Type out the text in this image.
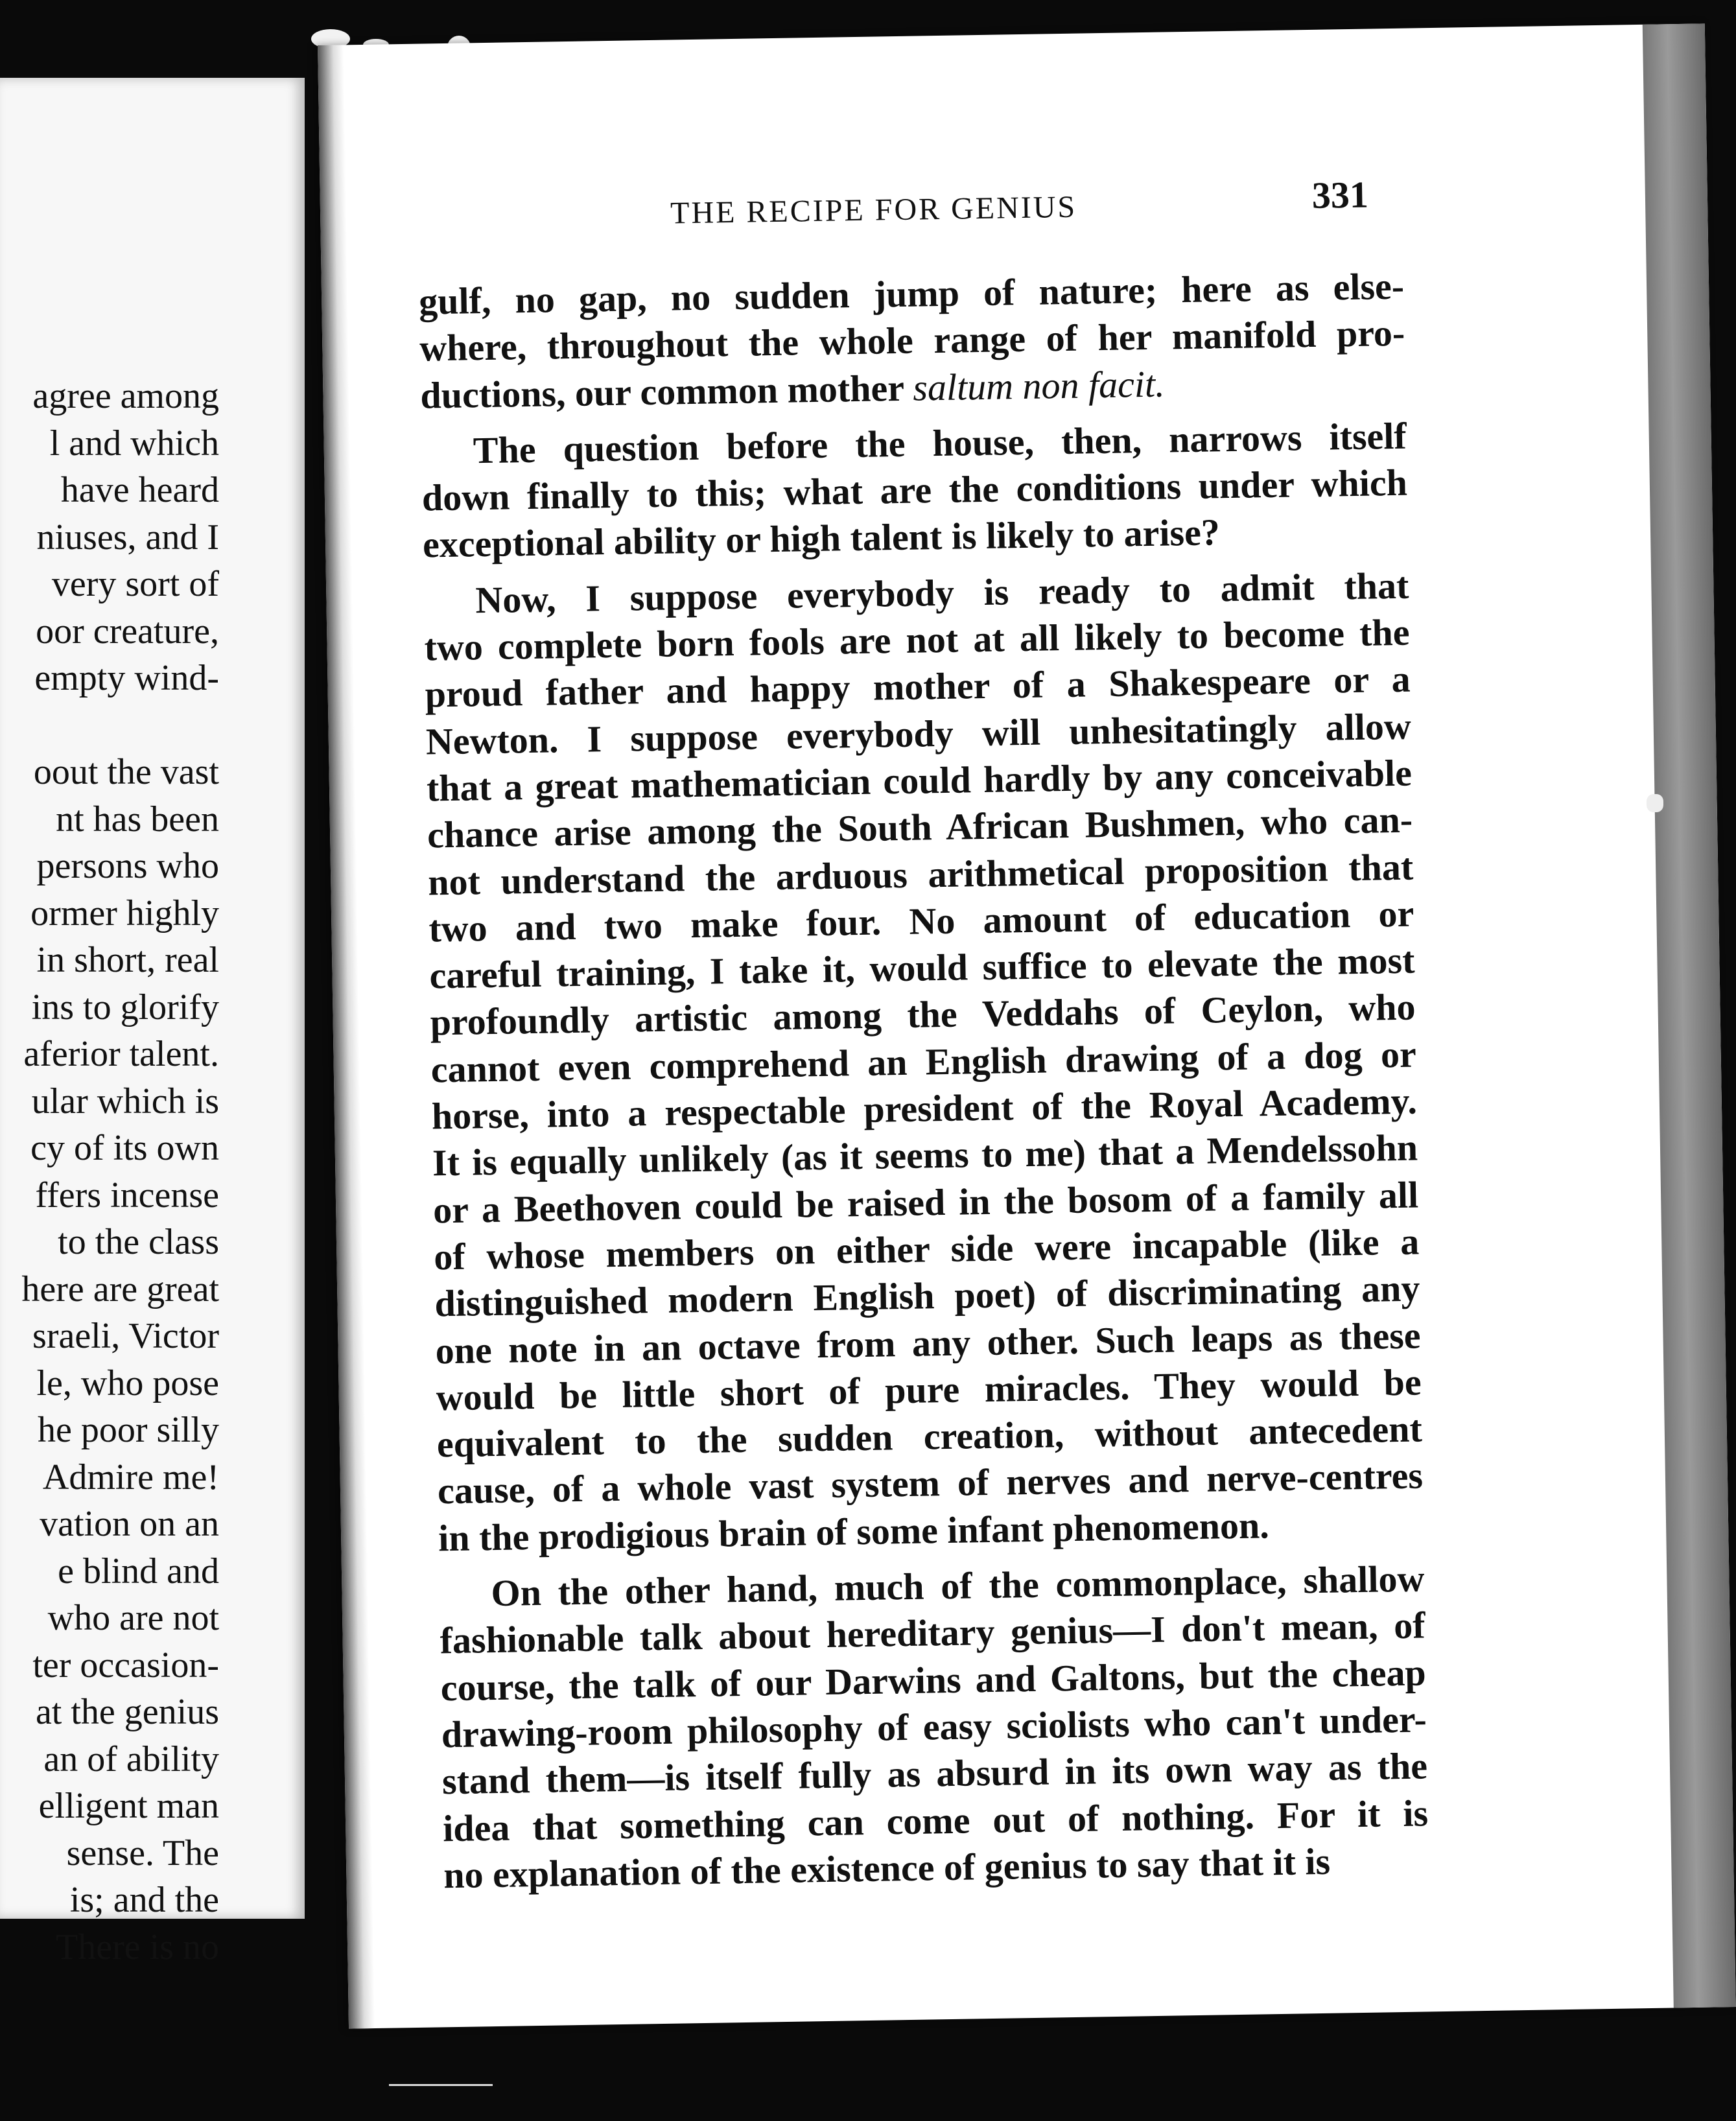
agree among
l and which
have heard
niuses, and I
very sort of
oor creature,
empty wind-

oout the vast
nt has been
persons who
ormer highly
in short, real
ins to glorify
aferior talent.
ular which is
cy of its own
ffers incense
to the class
here are great
sraeli, Victor
le, who pose
he poor silly
Admire me!
vation on an
e blind and
who are not
ter occasion-
at the genius
an of ability
elligent man
sense. The
is; and the
There is no
THE RECIPE FOR GENIUS	331
gulf, no gap, no sudden jump of nature; here as else-
where, throughout the whole range of her manifold pro-
ductions, our common mother saltum non facit.
The question before the house, then, narrows itself
down finally to this; what are the conditions under which
exceptional ability or high talent is likely to arise?
Now, I suppose everybody is ready to admit that
two complete born fools are not at all likely to become the
proud father and happy mother of a Shakespeare or a
Newton. I suppose everybody will unhesitatingly allow
that a great mathematician could hardly by any conceivable
chance arise among the South African Bushmen, who can-
not understand the arduous arithmetical proposition that
two and two make four. No amount of education or
careful training, I take it, would suffice to elevate the most
profoundly artistic among the Veddahs of Ceylon, who
cannot even comprehend an English drawing of a dog or
horse, into a respectable president of the Royal Academy.
It is equally unlikely (as it seems to me) that a Mendelssohn
or a Beethoven could be raised in the bosom of a family all
of whose members on either side were incapable (like a
distinguished modern English poet) of discriminating any
one note in an octave from any other. Such leaps as these
would be little short of pure miracles. They would be
equivalent to the sudden creation, without antecedent
cause, of a whole vast system of nerves and nerve-centres
in the prodigious brain of some infant phenomenon.
On the other hand, much of the commonplace, shallow
fashionable talk about hereditary genius—I don't mean, of
course, the talk of our Darwins and Galtons, but the cheap
drawing-room philosophy of easy sciolists who can't under-
stand them—is itself fully as absurd in its own way as the
idea that something can come out of nothing. For it is
no explanation of the existence of genius to say that it is
